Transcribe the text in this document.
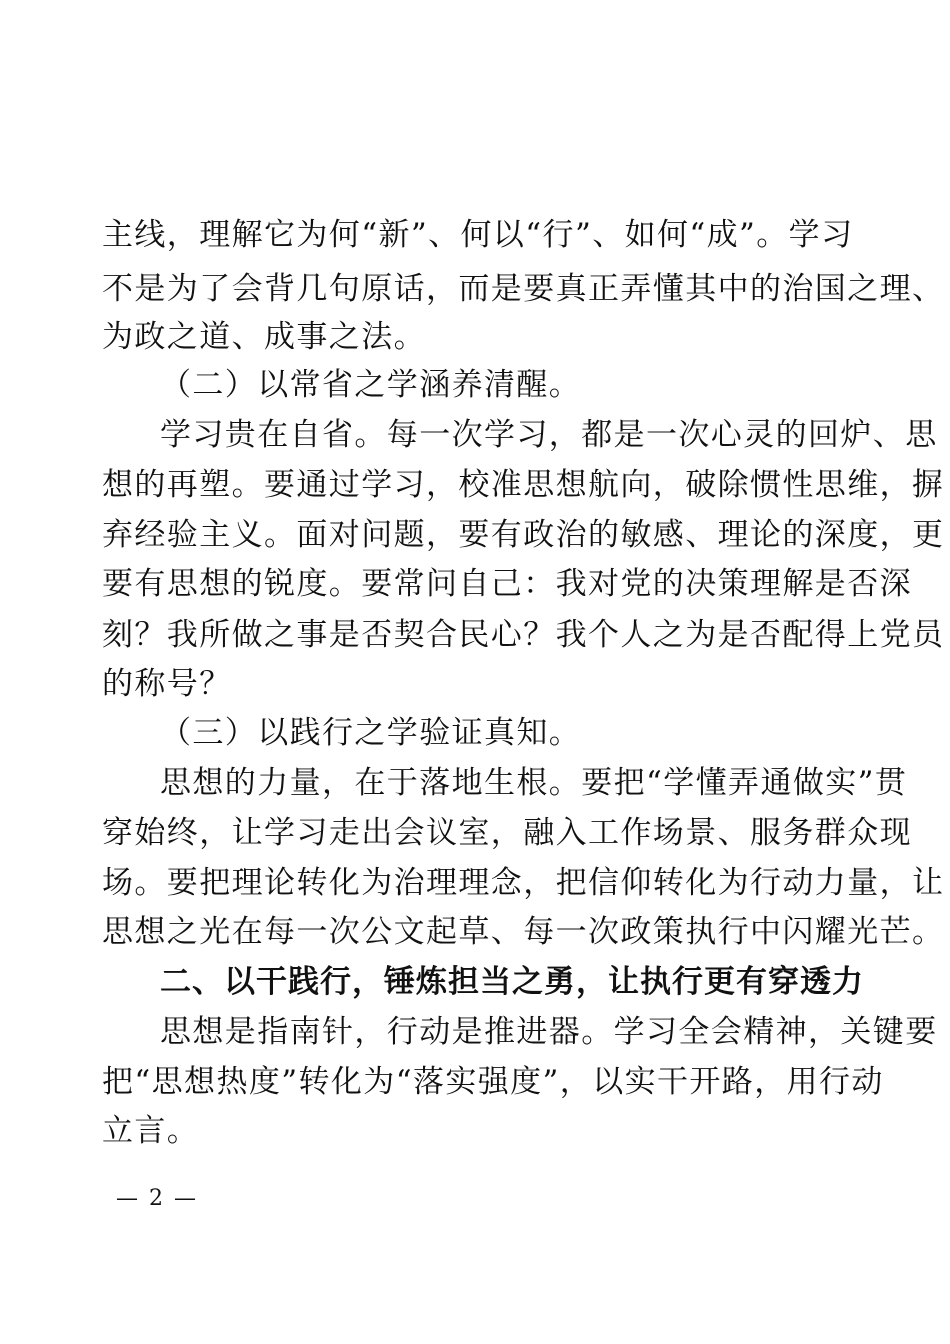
主线，理解它为何“新”、何以“行”、如何“成”。学习
不是为了会背几句原话，而是要真正弄懂其中的治国之理、
为政之道、成事之法。
（二）以常省之学涵养清醒。
学习贵在自省。每一次学习，都是一次心灵的回炉、思
想的再塑。要通过学习，校准思想航向，破除惯性思维，摒
弃经验主义。面对问题，要有政治的敏感、理论的深度，更
要有思想的锐度。要常问自己：我对党的决策理解是否深
刻？我所做之事是否契合民心？我个人之为是否配得上党员
的称号？
（三）以践行之学验证真知。
思想的力量，在于落地生根。要把“学懂弄通做实”贯
穿始终，让学习走出会议室，融入工作场景、服务群众现
场。要把理论转化为治理理念，把信仰转化为行动力量，让
思想之光在每一次公文起草、每一次政策执行中闪耀光芒。
二、以干践行，锤炼担当之勇，让执行更有穿透力
思想是指南针，行动是推进器。学习全会精神，关键要
把“思想热度”转化为“落实强度”，以实干开路，用行动
立言。
— 2 —
